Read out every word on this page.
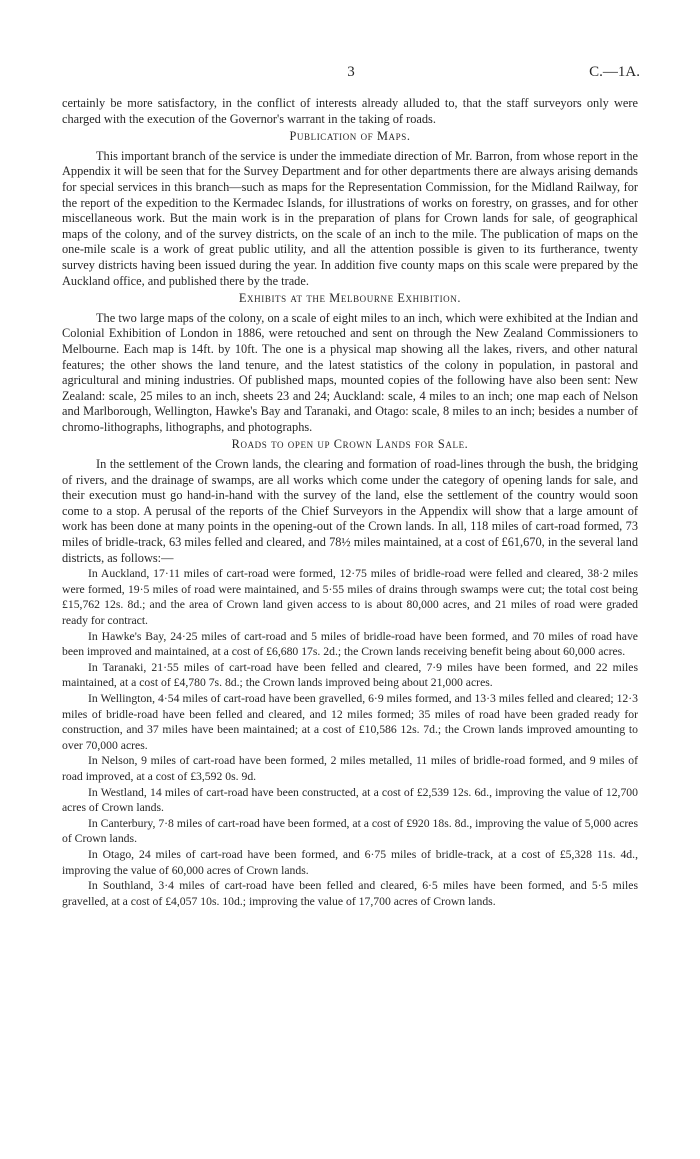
3	C.—1A.

certainly be more satisfactory, in the conflict of interests already alluded to, that the staff surveyors only were charged with the execution of the Governor's warrant in the taking of roads.

Publication of Maps.

This important branch of the service is under the immediate direction of Mr. Barron, from whose report in the Appendix it will be seen that for the Survey Department and for other departments there are always arising demands for special services in this branch—such as maps for the Representation Commission, for the Midland Railway, for the report of the expedition to the Kermadec Islands, for illustrations of works on forestry, on grasses, and for other miscellaneous work. But the main work is in the preparation of plans for Crown lands for sale, of geographical maps of the colony, and of the survey districts, on the scale of an inch to the mile. The publication of maps on the one-mile scale is a work of great public utility, and all the attention possible is given to its furtherance, twenty survey districts having been issued during the year. In addition five county maps on this scale were prepared by the Auckland office, and published there by the trade.

Exhibits at the Melbourne Exhibition.

The two large maps of the colony, on a scale of eight miles to an inch, which were exhibited at the Indian and Colonial Exhibition of London in 1886, were retouched and sent on through the New Zealand Commissioners to Melbourne. Each map is 14ft. by 10ft. The one is a physical map showing all the lakes, rivers, and other natural features; the other shows the land tenure, and the latest statistics of the colony in population, in pastoral and agricultural and mining industries. Of published maps, mounted copies of the following have also been sent: New Zealand: scale, 25 miles to an inch, sheets 23 and 24; Auckland: scale, 4 miles to an inch; one map each of Nelson and Marlborough, Wellington, Hawke's Bay and Taranaki, and Otago: scale, 8 miles to an inch; besides a number of chromo-lithographs, lithographs, and photographs.

Roads to open up Crown Lands for Sale.

In the settlement of the Crown lands, the clearing and formation of road-lines through the bush, the bridging of rivers, and the drainage of swamps, are all works which come under the category of opening lands for sale, and their execution must go hand-in-hand with the survey of the land, else the settlement of the country would soon come to a stop. A perusal of the reports of the Chief Surveyors in the Appendix will show that a large amount of work has been done at many points in the opening-out of the Crown lands. In all, 118 miles of cart-road formed, 73 miles of bridle-track, 63 miles felled and cleared, and 78½ miles maintained, at a cost of £61,670, in the several land districts, as follows:—

In Auckland, 17·11 miles of cart-road were formed, 12·75 miles of bridle-road were felled and cleared, 38·2 miles were formed, 19·5 miles of road were maintained, and 5·55 miles of drains through swamps were cut; the total cost being £15,762 12s. 8d.; and the area of Crown land given access to is about 80,000 acres, and 21 miles of road were graded ready for contract.

In Hawke's Bay, 24·25 miles of cart-road and 5 miles of bridle-road have been formed, and 70 miles of road have been improved and maintained, at a cost of £6,680 17s. 2d.; the Crown lands receiving benefit being about 60,000 acres.

In Taranaki, 21·55 miles of cart-road have been felled and cleared, 7·9 miles have been formed, and 22 miles maintained, at a cost of £4,780 7s. 8d.; the Crown lands improved being about 21,000 acres.

In Wellington, 4·54 miles of cart-road have been gravelled, 6·9 miles formed, and 13·3 miles felled and cleared; 12·3 miles of bridle-road have been felled and cleared, and 12 miles formed; 35 miles of road have been graded ready for construction, and 37 miles have been maintained; at a cost of £10,586 12s. 7d.; the Crown lands improved amounting to over 70,000 acres.

In Nelson, 9 miles of cart-road have been formed, 2 miles metalled, 11 miles of bridle-road formed, and 9 miles of road improved, at a cost of £3,592 0s. 9d.

In Westland, 14 miles of cart-road have been constructed, at a cost of £2,539 12s. 6d., improving the value of 12,700 acres of Crown lands.

In Canterbury, 7·8 miles of cart-road have been formed, at a cost of £920 18s. 8d., improving the value of 5,000 acres of Crown lands.

In Otago, 24 miles of cart-road have been formed, and 6·75 miles of bridle-track, at a cost of £5,328 11s. 4d., improving the value of 60,000 acres of Crown lands.

In Southland, 3·4 miles of cart-road have been felled and cleared, 6·5 miles have been formed, and 5·5 miles gravelled, at a cost of £4,057 10s. 10d.; improving the value of 17,700 acres of Crown lands.
